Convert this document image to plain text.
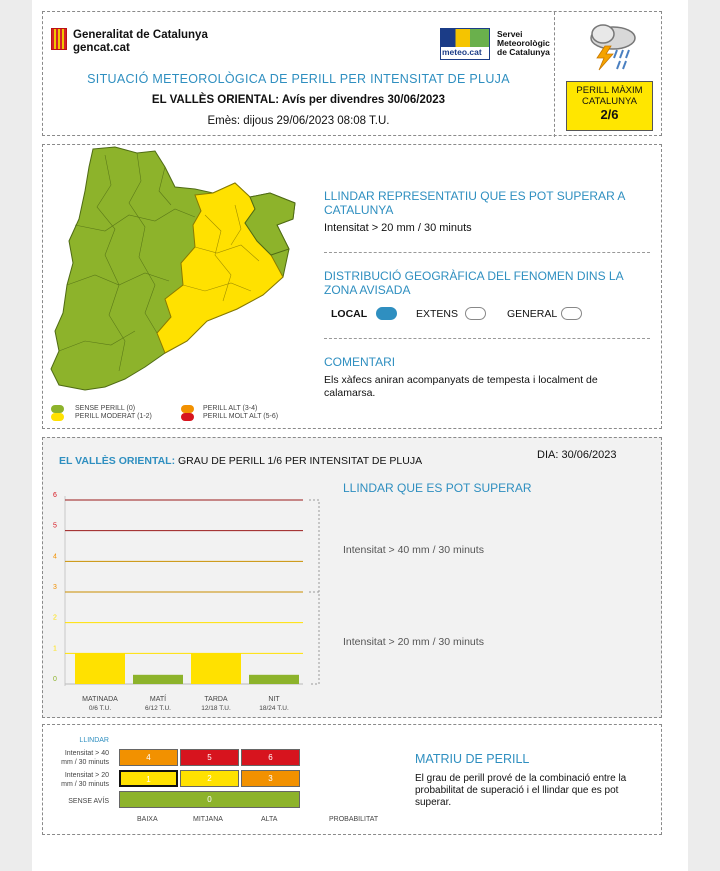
Generalitat de Catalunya
gencat.cat	meteo.cat
Servei
Meteorològic
de Catalunya
PERILL MÀXIM
CATALUNYA
2/6
SITUACIÓ METEOROLÒGICA DE PERILL PER INTENSITAT DE PLUJA
EL VALLÈS ORIENTAL: Avís per divendres 30/06/2023
Emès: dijous 29/06/2023 08:08 T.U.
SENSE PERILL (0)
PERILL MODERAT (1-2)
PERILL ALT (3-4)
PERILL MOLT ALT (5-6)
LLINDAR REPRESENTATIU QUE ES POT SUPERAR A CATALUNYA
Intensitat > 20 mm / 30 minuts
DISTRIBUCIÓ GEOGRÀFICA DEL FENOMEN DINS LA ZONA AVISADA
LOCAL	EXTENS	GENERAL
COMENTARI
Els xàfecs aniran acompanyats de tempesta i localment de calamarsa.
EL VALLÈS ORIENTAL: GRAU DE PERILL 1/6 PER INTENSITAT DE PLUJA	DIA: 30/06/2023
0
1
2
3
4
5
6
MATINADA
0/6 T.U.
MATÍ
6/12 T.U.
TARDA
12/18 T.U.
NIT
18/24 T.U.
LLINDAR QUE ES POT SUPERAR
Intensitat > 40 mm / 30 minuts
Intensitat > 20 mm / 30 minuts
LLINDAR
Intensitat > 40
mm / 30 minuts
Intensitat > 20
mm / 30 minuts
SENSE AVÍS
4	5	6
1	2	3
0
BAIXA	MITJANA	ALTA	PROBABILITAT
MATRIU DE PERILL
El grau de perill prové de la combinació entre la probabilitat de superació i el llindar que es pot superar.
